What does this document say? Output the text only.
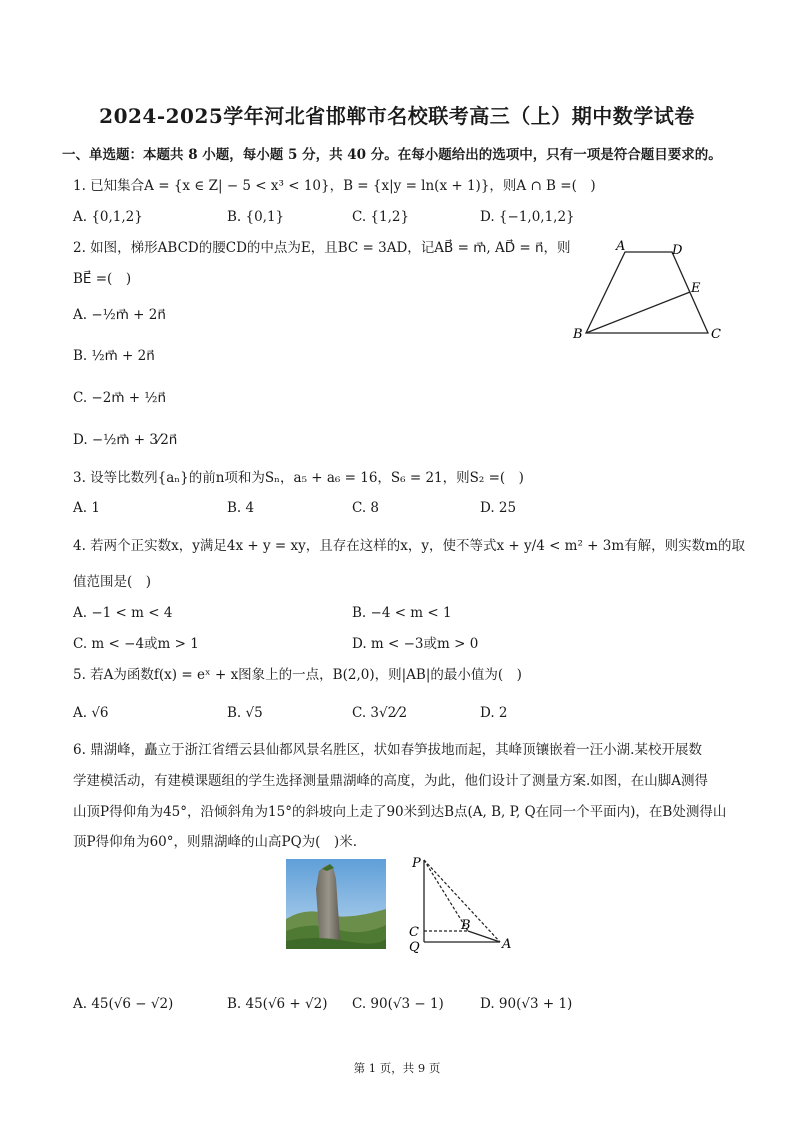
2024-2025学年河北省邯郸市名校联考高三（上）期中数学试卷
一、单选题：本题共 8 小题，每小题 5 分，共 40 分。在每小题给出的选项中，只有一项是符合题目要求的。
1. 已知集合A = {x ∈ Z| − 5 < x³ < 10}，B = {x|y = ln(x + 1)}，则A ∩ B =(　)
A. {0,1,2}	B. {0,1}	C. {1,2}	D. {−1,0,1,2}
2. 如图，梯形ABCD的腰CD的中点为E，且BC = 3AD，记AB⃗ = m⃗, AD⃗ = n⃗，则
BE⃗ =(　)
A. −½m⃗ + 2n⃗
B. ½m⃗ + 2n⃗
C. −2m⃗ + ½n⃗
D. −½m⃗ + 3⁄2n⃗
A	D
E
B	C
3. 设等比数列{aₙ}的前n项和为Sₙ，a₅ + a₆ = 16，S₆ = 21，则S₂ =(　)
A. 1	B. 4	C. 8	D. 25
4. 若两个正实数x，y满足4x + y = xy，且存在这样的x，y，使不等式x + y/4 < m² + 3m有解，则实数m的取
值范围是(　)
A. −1 < m < 4	B. −4 < m < 1
C. m < −4或m > 1	D. m < −3或m > 0
5. 若A为函数f(x) = eˣ + x图象上的一点，B(2,0)，则|AB|的最小值为(　)
A. √6	B. √5	C. 3√2⁄2	D. 2
6. 鼎湖峰，矗立于浙江省缙云县仙都风景名胜区，状如春笋拔地而起，其峰顶镶嵌着一汪小湖.某校开展数
学建模活动，有建模课题组的学生选择测量鼎湖峰的高度，为此，他们设计了测量方案.如图，在山脚A测得
山顶P得仰角为45°，沿倾斜角为15°的斜坡向上走了90米到达B点(A, B, P, Q在同一个平面内)，在B处测得山
顶P得仰角为60°，则鼎湖峰的山高PQ为(　)米.
P
C
Q
B
A
A. 45(√6 − √2)	B. 45(√6 + √2) C. 90(√3 − 1)	D. 90(√3 + 1)
第 1 页，共 9 页
